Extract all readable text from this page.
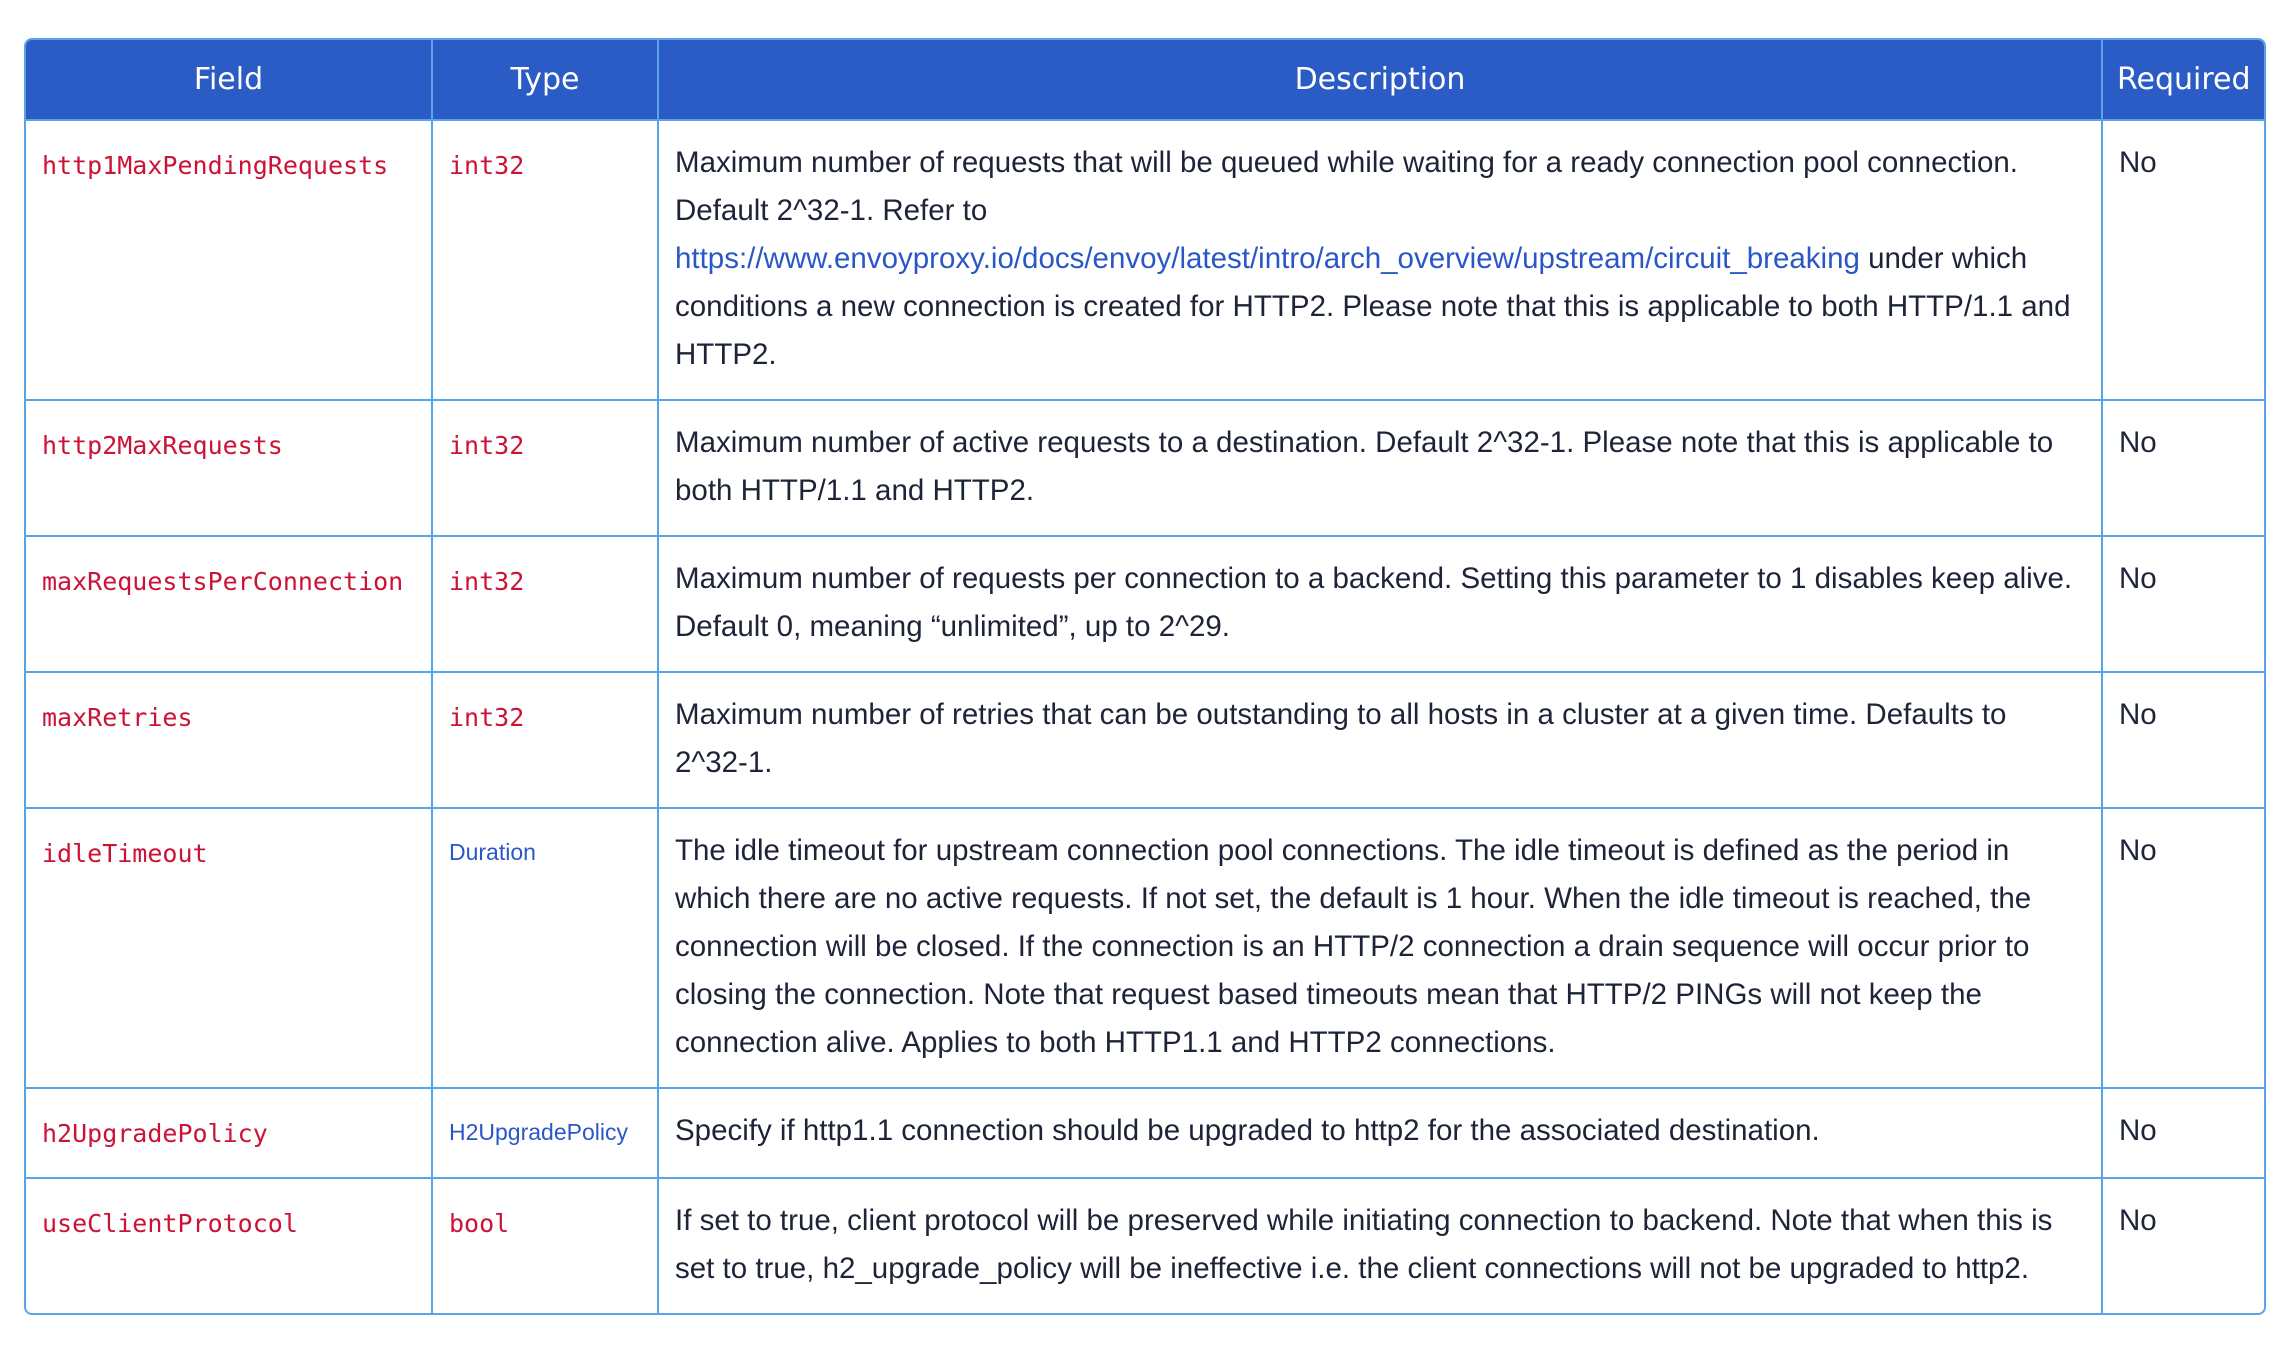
Field	Type	Description	Required
http1MaxPendingRequests	int32	Maximum number of requests that will be queued while waiting for a ready connection pool connection. Default 2^32-1. Refer to https://www.envoyproxy.io/docs/envoy/latest/intro/arch_overview/upstream/circuit_breaking under which conditions a new connection is created for HTTP2. Please note that this is applicable to both HTTP/1.1 and HTTP2.	No
http2MaxRequests	int32	Maximum number of active requests to a destination. Default 2^32-1. Please note that this is applicable to both HTTP/1.1 and HTTP2.	No
maxRequestsPerConnection	int32	Maximum number of requests per connection to a backend. Setting this parameter to 1 disables keep alive. Default 0, meaning “unlimited”, up to 2^29.	No
maxRetries	int32	Maximum number of retries that can be outstanding to all hosts in a cluster at a given time. Defaults to 2^32-1.	No
idleTimeout	Duration	The idle timeout for upstream connection pool connections. The idle timeout is defined as the period in which there are no active requests. If not set, the default is 1 hour. When the idle timeout is reached, the connection will be closed. If the connection is an HTTP/2 connection a drain sequence will occur prior to closing the connection. Note that request based timeouts mean that HTTP/2 PINGs will not keep the connection alive. Applies to both HTTP1.1 and HTTP2 connections.	No
h2UpgradePolicy	H2UpgradePolicy	Specify if http1.1 connection should be upgraded to http2 for the associated destination.	No
useClientProtocol	bool	If set to true, client protocol will be preserved while initiating connection to backend. Note that when this is set to true, h2_upgrade_policy will be ineffective i.e. the client connections will not be upgraded to http2.	No
